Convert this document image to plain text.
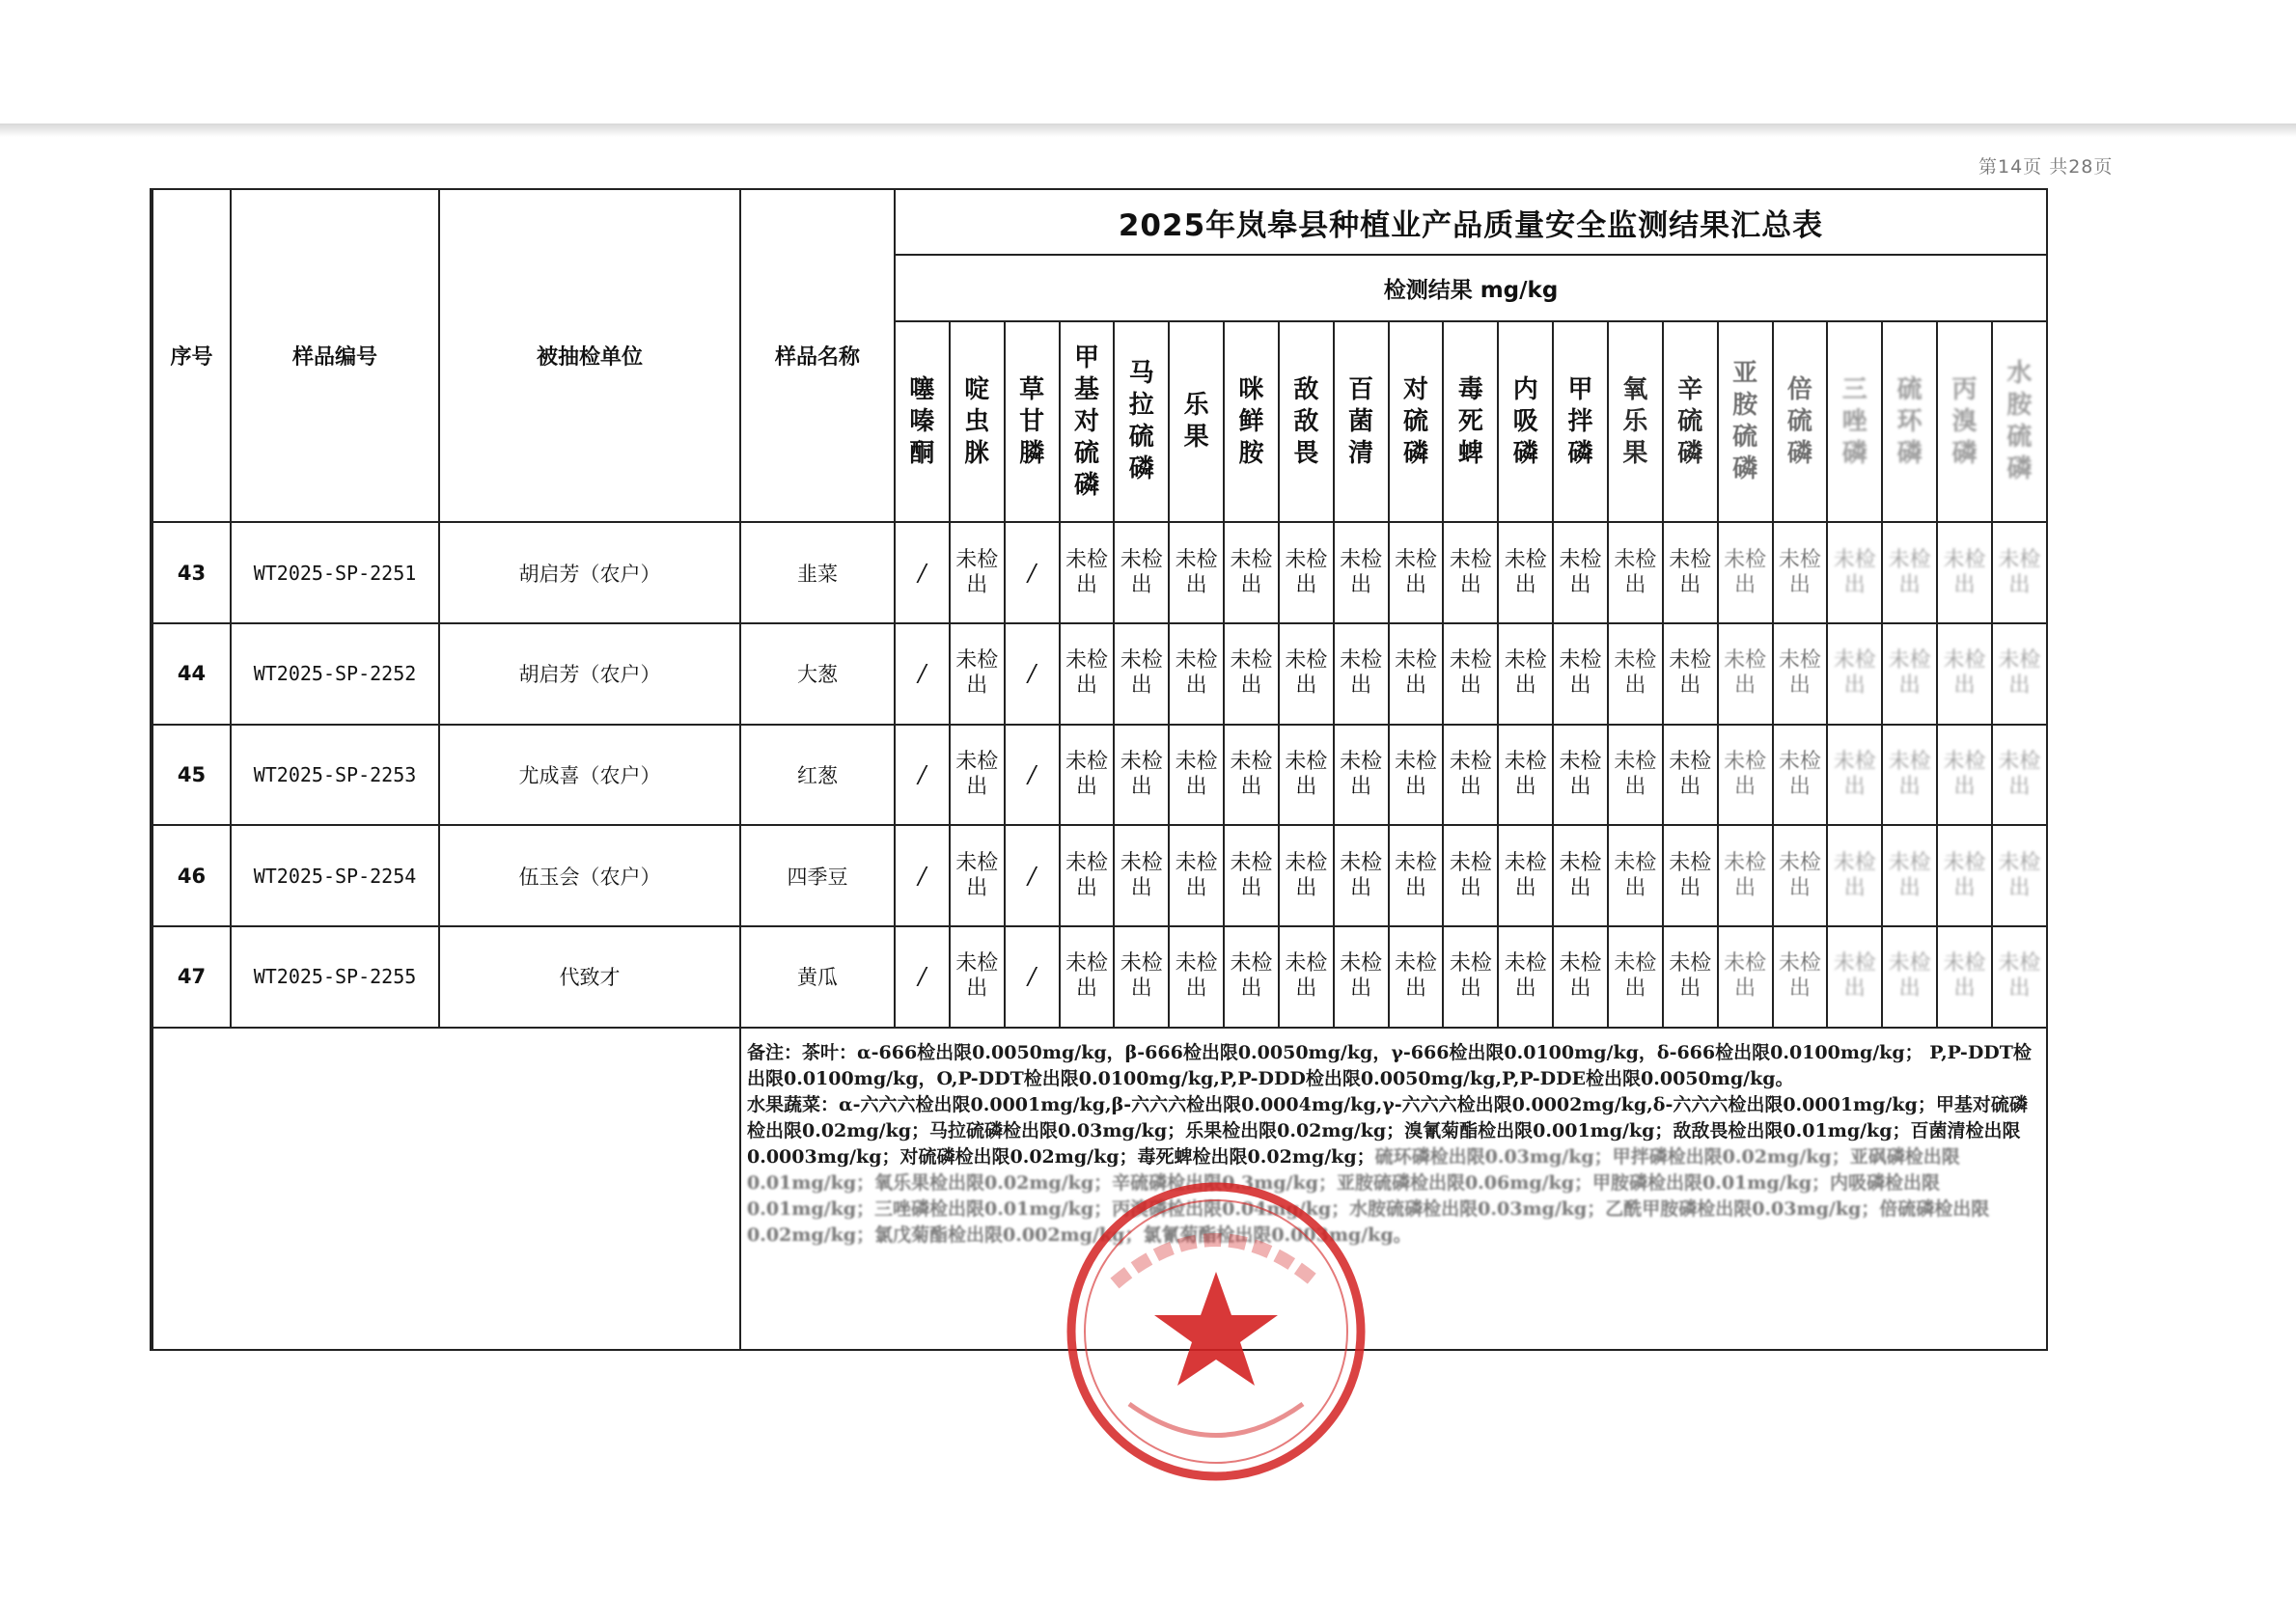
第14页 共28页
序号	样品编号	被抽检单位	样品名称	2025年岚皋县种植业产品质量安全监测结果汇总表																				
				检测结果 mg/kg																				

				噻
嗪
酮	啶
虫
脒	草
甘
膦	甲
基
对
硫
磷	马
拉
硫
磷	乐
果	咪
鲜
胺	敌
敌
畏	百
菌
清	对
硫
磷	毒
死
蜱	内
吸
磷	甲
拌
磷	氧
乐
果	辛
硫
磷	亚
胺
硫
磷	倍
硫
磷	三
唑
磷	硫
环
磷	丙
溴
磷	水
胺
硫
磷

43	WT2025-SP-2251	胡启芳（农户）	韭菜	/	未检出	/	未检出	未检出	未检出	未检出	未检出	未检出	未检出	未检出	未检出	未检出	未检出	未检出	未检出	未检出	未检出	未检出	未检出	未检出
44	WT2025-SP-2252	胡启芳（农户）	大葱	/	未检出	/	未检出	未检出	未检出	未检出	未检出	未检出	未检出	未检出	未检出	未检出	未检出	未检出	未检出	未检出	未检出	未检出	未检出	未检出
45	WT2025-SP-2253	尤成喜（农户）	红葱	/	未检出	/	未检出	未检出	未检出	未检出	未检出	未检出	未检出	未检出	未检出	未检出	未检出	未检出	未检出	未检出	未检出	未检出	未检出	未检出
46	WT2025-SP-2254	伍玉会（农户）	四季豆	/	未检出	/	未检出	未检出	未检出	未检出	未检出	未检出	未检出	未检出	未检出	未检出	未检出	未检出	未检出	未检出	未检出	未检出	未检出	未检出
47	WT2025-SP-2255	代致才	黄瓜	/	未检出	/	未检出	未检出	未检出	未检出	未检出	未检出	未检出	未检出	未检出	未检出	未检出	未检出	未检出	未检出	未检出	未检出	未检出	未检出

			备注：茶叶：α-666检出限0.0050mg/kg，β-666检出限0.0050mg/kg，γ-666检出限0.0100mg/kg，δ-666检出限0.0100mg/kg； P,P-DDT检出限0.0100mg/kg，O,P-DDT检出限0.0100mg/kg,P,P-DDD检出限0.0050mg/kg,P,P-DDE检出限0.0050mg/kg。

水果蔬菜：α-六六六检出限0.0001mg/kg,β-六六六检出限0.0004mg/kg,γ-六六六检出限0.0002mg/kg,δ-六六六检出限0.0001mg/kg；甲基对硫磷检出限0.02mg/kg；马拉硫磷检出限0.03mg/kg；乐果检出限0.02mg/kg；溴氰菊酯检出限0.001mg/kg；敌敌畏检出限0.01mg/kg；百菌清检出限0.0003mg/kg；对硫磷检出限0.02mg/kg；毒死蜱检出限0.02mg/kg；硫环磷检出限0.03mg/kg；甲拌磷检出限0.02mg/kg；亚砜磷检出限0.01mg/kg；氧乐果检出限0.02mg/kg；辛硫磷检出限0.3mg/kg；亚胺硫磷检出限0.06mg/kg；甲胺磷检出限0.01mg/kg；内吸磷检出限0.01mg/kg；三唑磷检出限0.01mg/kg；丙溴磷检出限0.04mg/kg；水胺硫磷检出限0.03mg/kg；乙酰甲胺磷检出限0.03mg/kg；倍硫磷检出限0.02mg/kg；氯戊菊酯检出限0.002mg/kg；氯氰菊酯检出限0.003mg/kg。																					
